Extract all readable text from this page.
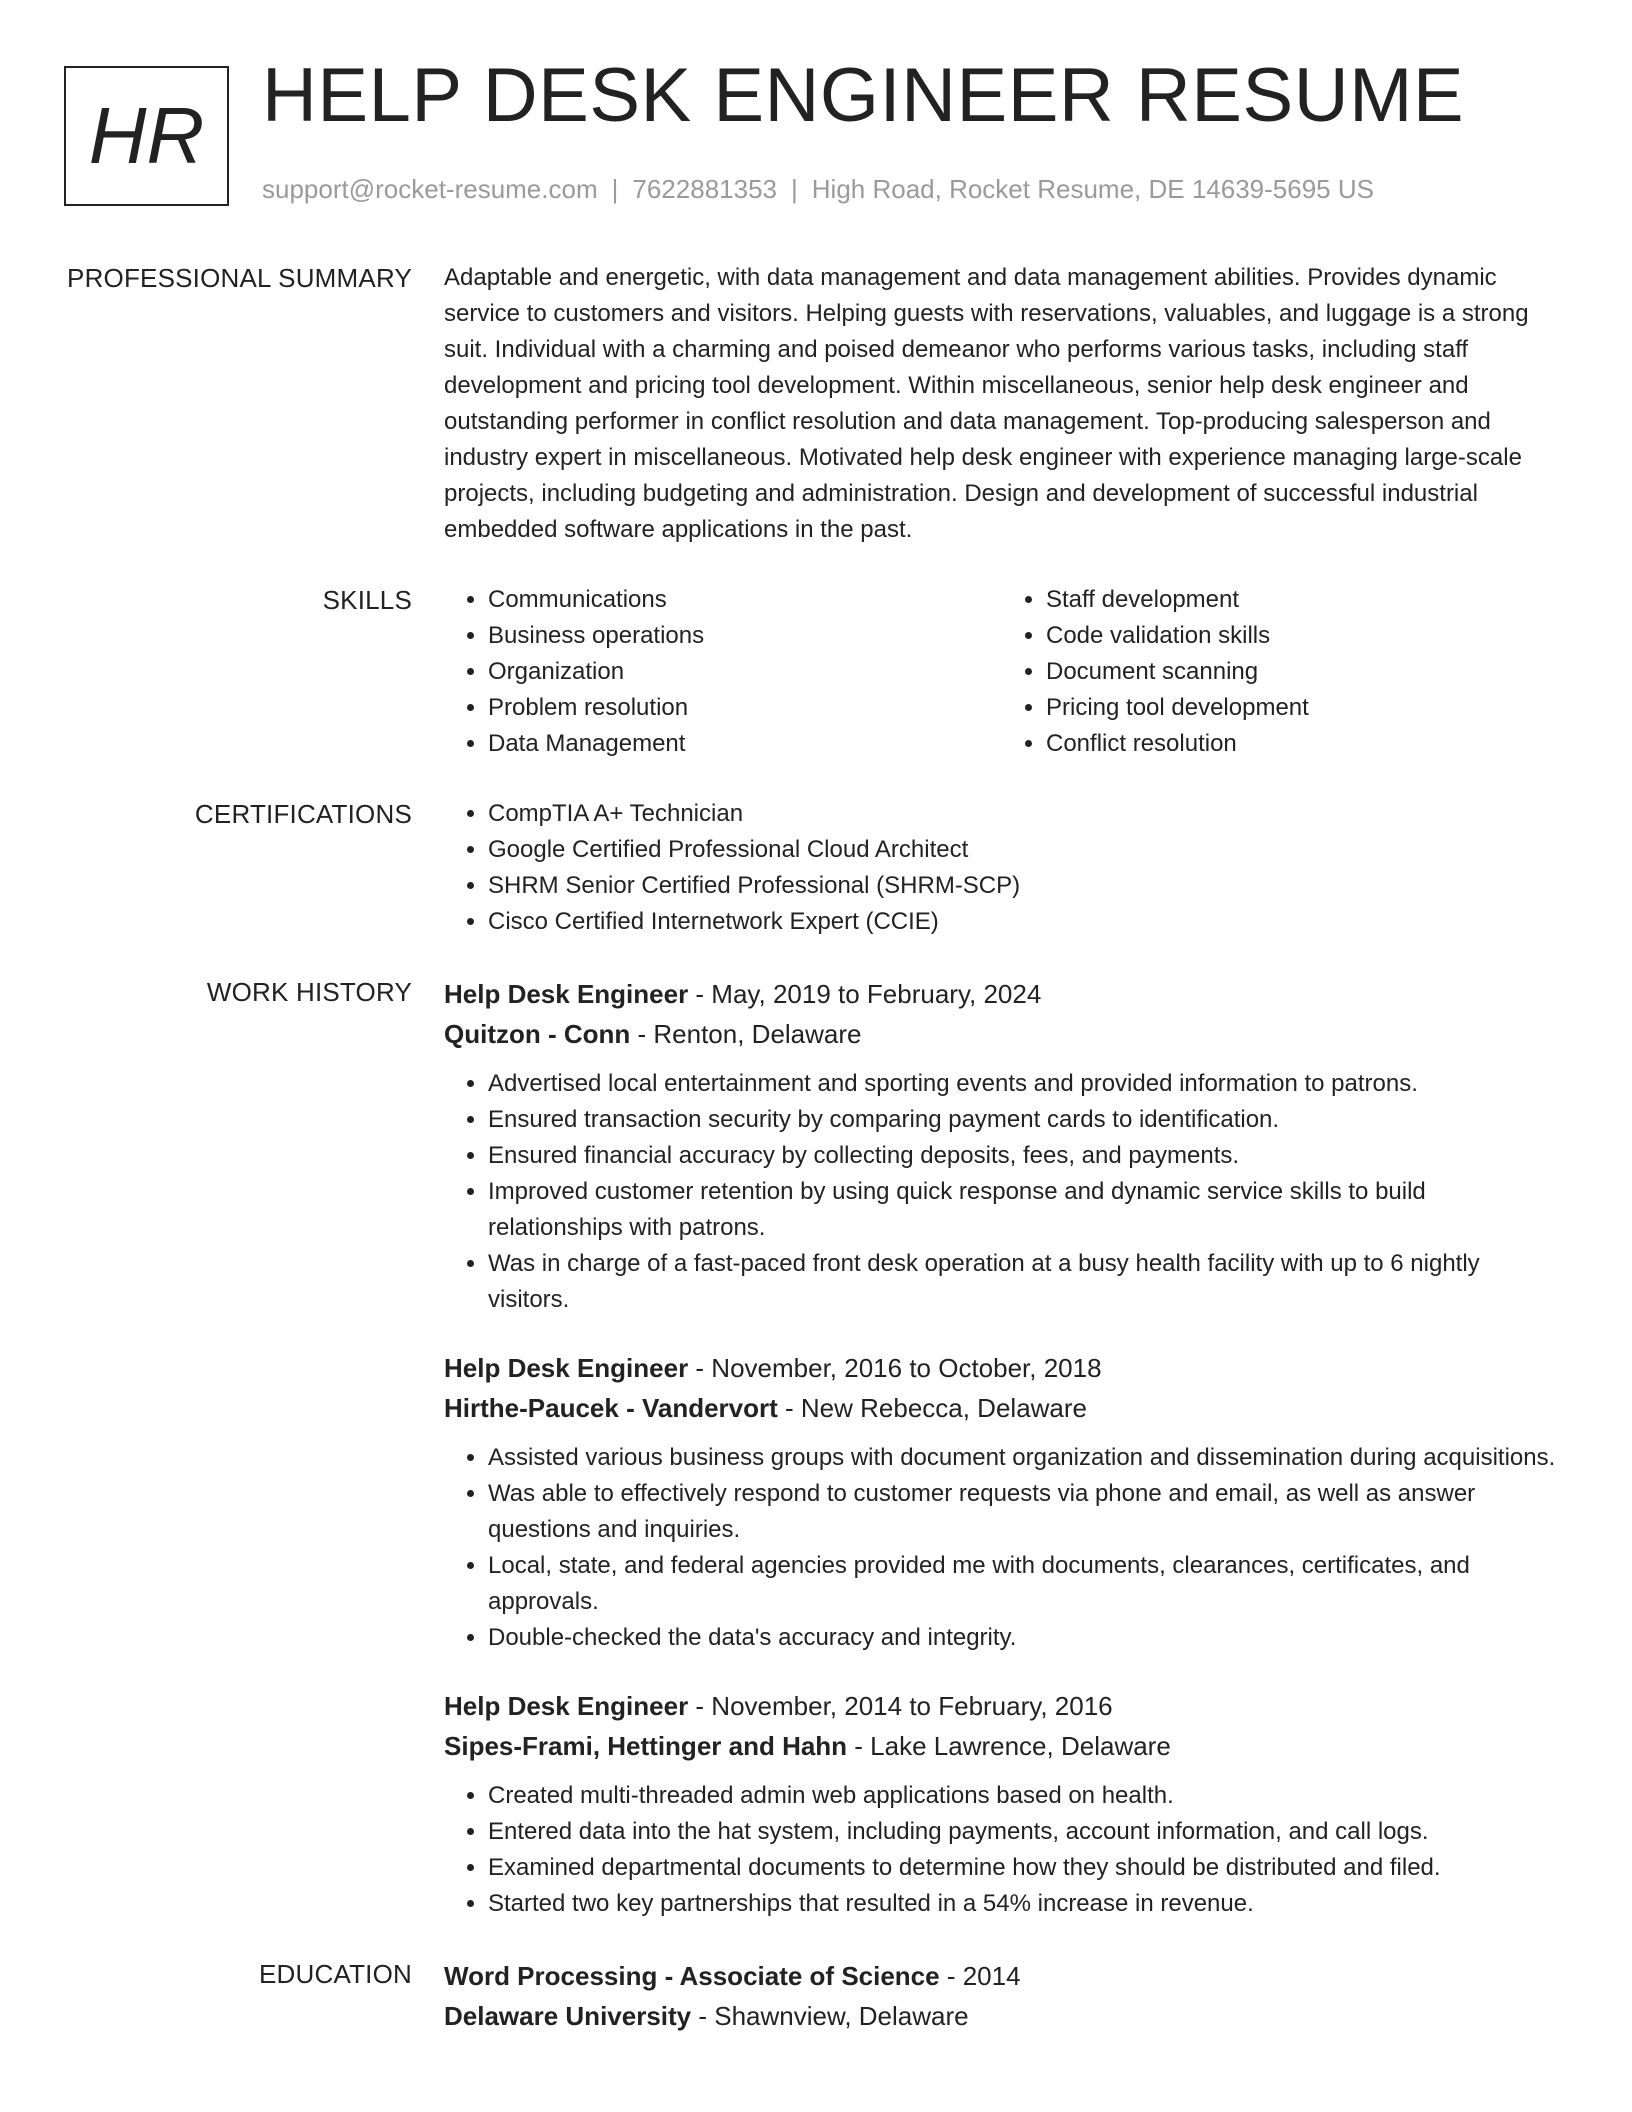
HR HELP DESK ENGINEER RESUME
support@rocket-resume.com | 7622881353 | High Road, Rocket Resume, DE 14639-5695 US
PROFESSIONAL SUMMARY Adaptable and energetic, with data management and data management abilities. Provides dynamic service to customers and visitors. Helping guests with reservations, valuables, and luggage is a strong suit. Individual with a charming and poised demeanor who performs various tasks, including staff development and pricing tool development. Within miscellaneous, senior help desk engineer and outstanding performer in conflict resolution and data management. Top-producing salesperson and industry expert in miscellaneous. Motivated help desk engineer with experience managing large-scale projects, including budgeting and administration. Design and development of successful industrial embedded software applications in the past.

SKILLS	• Communications
• Business operations
• Organization
• Problem resolution
• Data Management
• Staff development
• Code validation skills
• Document scanning
• Pricing tool development
• Conflict resolution
CERTIFICATIONS	• CompTIA A+ Technician
• Google Certified Professional Cloud Architect
• SHRM Senior Certified Professional (SHRM-SCP)
• Cisco Certified Internetwork Expert (CCIE)
WORK HISTORY Help Desk Engineer - May, 2019 to February, 2024
Quitzon - Conn - Renton, Delaware
• Advertised local entertainment and sporting events and provided information to patrons.
• Ensured transaction security by comparing payment cards to identification.
• Ensured financial accuracy by collecting deposits, fees, and payments.
• Improved customer retention by using quick response and dynamic service skills to build relationships with patrons.
• Was in charge of a fast-paced front desk operation at a busy health facility with up to 6 nightly visitors.
Help Desk Engineer - November, 2016 to October, 2018
Hirthe-Paucek - Vandervort - New Rebecca, Delaware
• Assisted various business groups with document organization and dissemination during acquisitions.
• Was able to effectively respond to customer requests via phone and email, as well as answer questions and inquiries.
• Local, state, and federal agencies provided me with documents, clearances, certificates, and approvals.
• Double-checked the data's accuracy and integrity.
Help Desk Engineer - November, 2014 to February, 2016
Sipes-Frami, Hettinger and Hahn - Lake Lawrence, Delaware
• Created multi-threaded admin web applications based on health.
• Entered data into the hat system, including payments, account information, and call logs.
• Examined departmental documents to determine how they should be distributed and filed.
• Started two key partnerships that resulted in a 54% increase in revenue.
EDUCATION Word Processing - Associate of Science - 2014
Delaware University - Shawnview, Delaware
